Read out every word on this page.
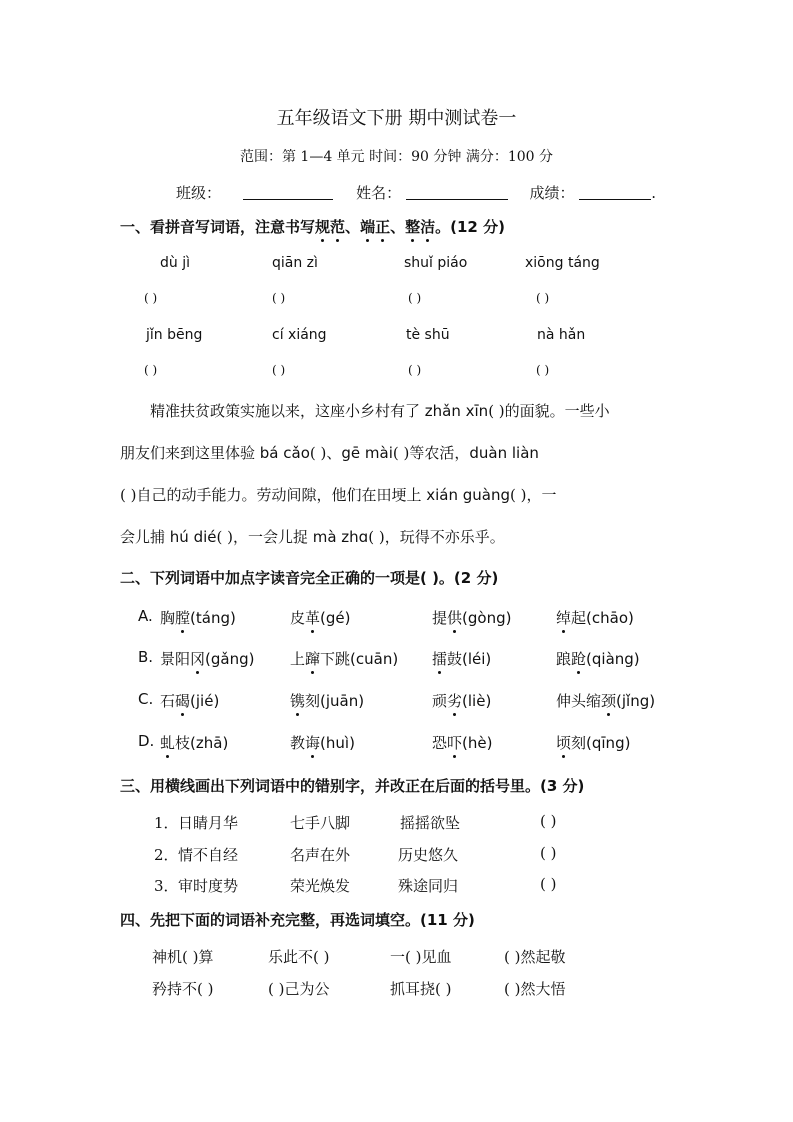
五年级语文下册 期中测试卷一
范围：第 1—4 单元 时间：90 分钟 满分：100 分
班级：	姓名：	成绩：	.
一、看拼音写词语，注意书写规范、端正、整洁。(12 分)
dù jì	qiān zì	shuǐ piáo	xiōng táng
( )	( )	( )	( )
jǐn bēng	cí xiáng	tè shū	nà hǎn
( )	( )	( )	( )
精准扶贫政策实施以来，这座小乡村有了 zhǎn xīn( )的面貌。一些小
朋友们来到这里体验 bá cǎo( )、gē mài( )等农活，duàn liàn
( )自己的动手能力。劳动间隙，他们在田埂上 xián guàng( )，一
会儿捕 hú dié( )，一会儿捉 mà zhɑ( )，玩得不亦乐乎。
二、下列词语中加点字读音完全正确的一项是( )。(2 分)
A. 胸膛(táng)	皮革(gé)	提供(gòng)	绰起(chāo)
B. 景阳冈(gǎng) 上蹿下跳(cuān) 擂鼓(léi)	踉跄(qiàng)
C. 石碣(jié)	镌刻(juān)	顽劣(liè)	伸头缩颈(jǐng)
D. 虬枝(zhā)	教诲(huì)	恐吓(hè)	顷刻(qīng)
三、用横线画出下列词语中的错别字，并改正在后面的括号里。(3 分)
1． 日睛月华	七手八脚	摇摇欲坠	( )
2． 情不自经	名声在外	历史悠久	( )
3． 审时度势	荣光焕发	殊途同归	( )
四、先把下面的词语补充完整，再选词填空。(11 分)
神机( )算	乐此不( )	一( )见血	( )然起敬
矜持不( )	( )己为公	抓耳挠( )	( )然大悟
